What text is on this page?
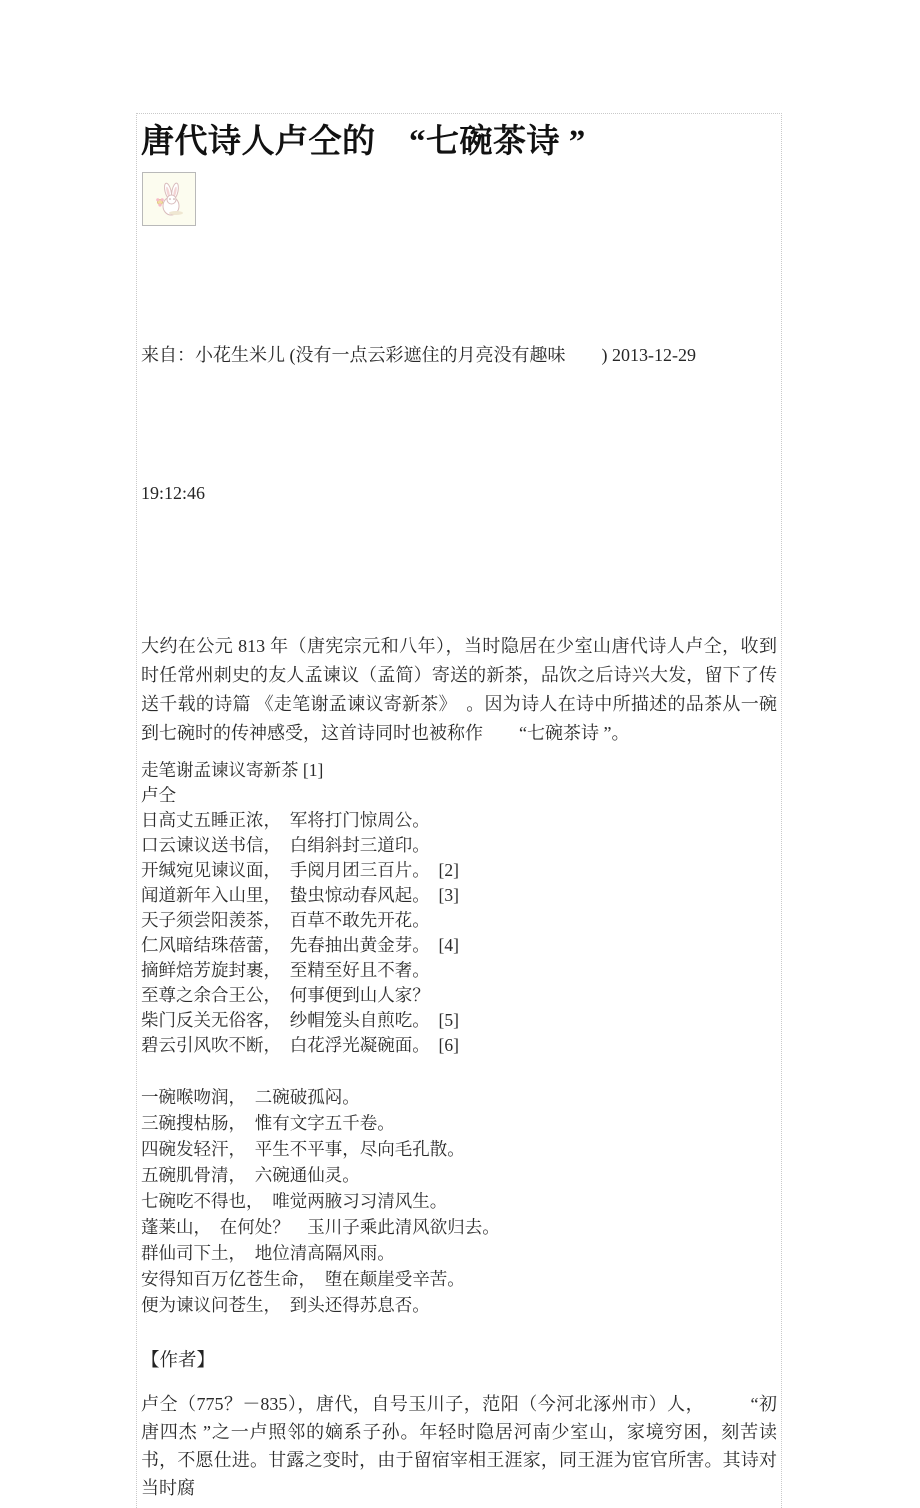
唐代诗人卢仝的　“七碗茶诗 ”

来自：小花生米儿 (没有一点云彩遮住的月亮没有趣味　　) 2013-12-29

19:12:46

大约在公元 813 年（唐宪宗元和八年），当时隐居在少室山唐代诗人卢仝，收到时任常州刺史的友人孟谏议（孟简）寄送的新茶，品饮之后诗兴大发，留下了传送千载的诗篇 《走笔谢孟谏议寄新茶》　。因为诗人在诗中所描述的品茶从一碗到七碗时的传神感受，这首诗同时也被称作　　“七碗茶诗 ”。

走笔谢孟谏议寄新茶 [1]
卢仝
日高丈五睡正浓，　军将打门惊周公。
口云谏议送书信，　白绢斜封三道印。
开缄宛见谏议面，　手阅月团三百片。　[2]
闻道新年入山里，　蛰虫惊动春风起。　[3]
天子须尝阳羡茶，　百草不敢先开花。
仁风暗结珠蓓蕾，　先春抽出黄金芽。　[4]
摘鲜焙芳旋封裹，　至精至好且不奢。
至尊之余合王公，　何事便到山人家？
柴门反关无俗客，　纱帽笼头自煎吃。　[5]
碧云引风吹不断，　白花浮光凝碗面。　[6]
一碗喉吻润，　二碗破孤闷。
三碗搜枯肠，　惟有文字五千卷。
四碗发轻汗，　平生不平事，尽向毛孔散。
五碗肌骨清，　六碗通仙灵。
七碗吃不得也，　唯觉两腋习习清风生。
蓬莱山，　在何处？　玉川子乘此清风欲归去。
群仙司下土，　地位清高隔风雨。
安得知百万亿苍生命，　堕在颠崖受辛苦。
便为谏议问苍生，　到头还得苏息否。
【作者】

卢仝（775？－835），唐代，自号玉川子，范阳（今河北涿州市）人，　　　“初唐四杰 ”之一卢照邻的嫡系子孙。年轻时隐居河南少室山，家境穷困，刻苦读书，不愿仕进。甘露之变时，由于留宿宰相王涯家，同王涯为宦官所害。其诗对当时腐
